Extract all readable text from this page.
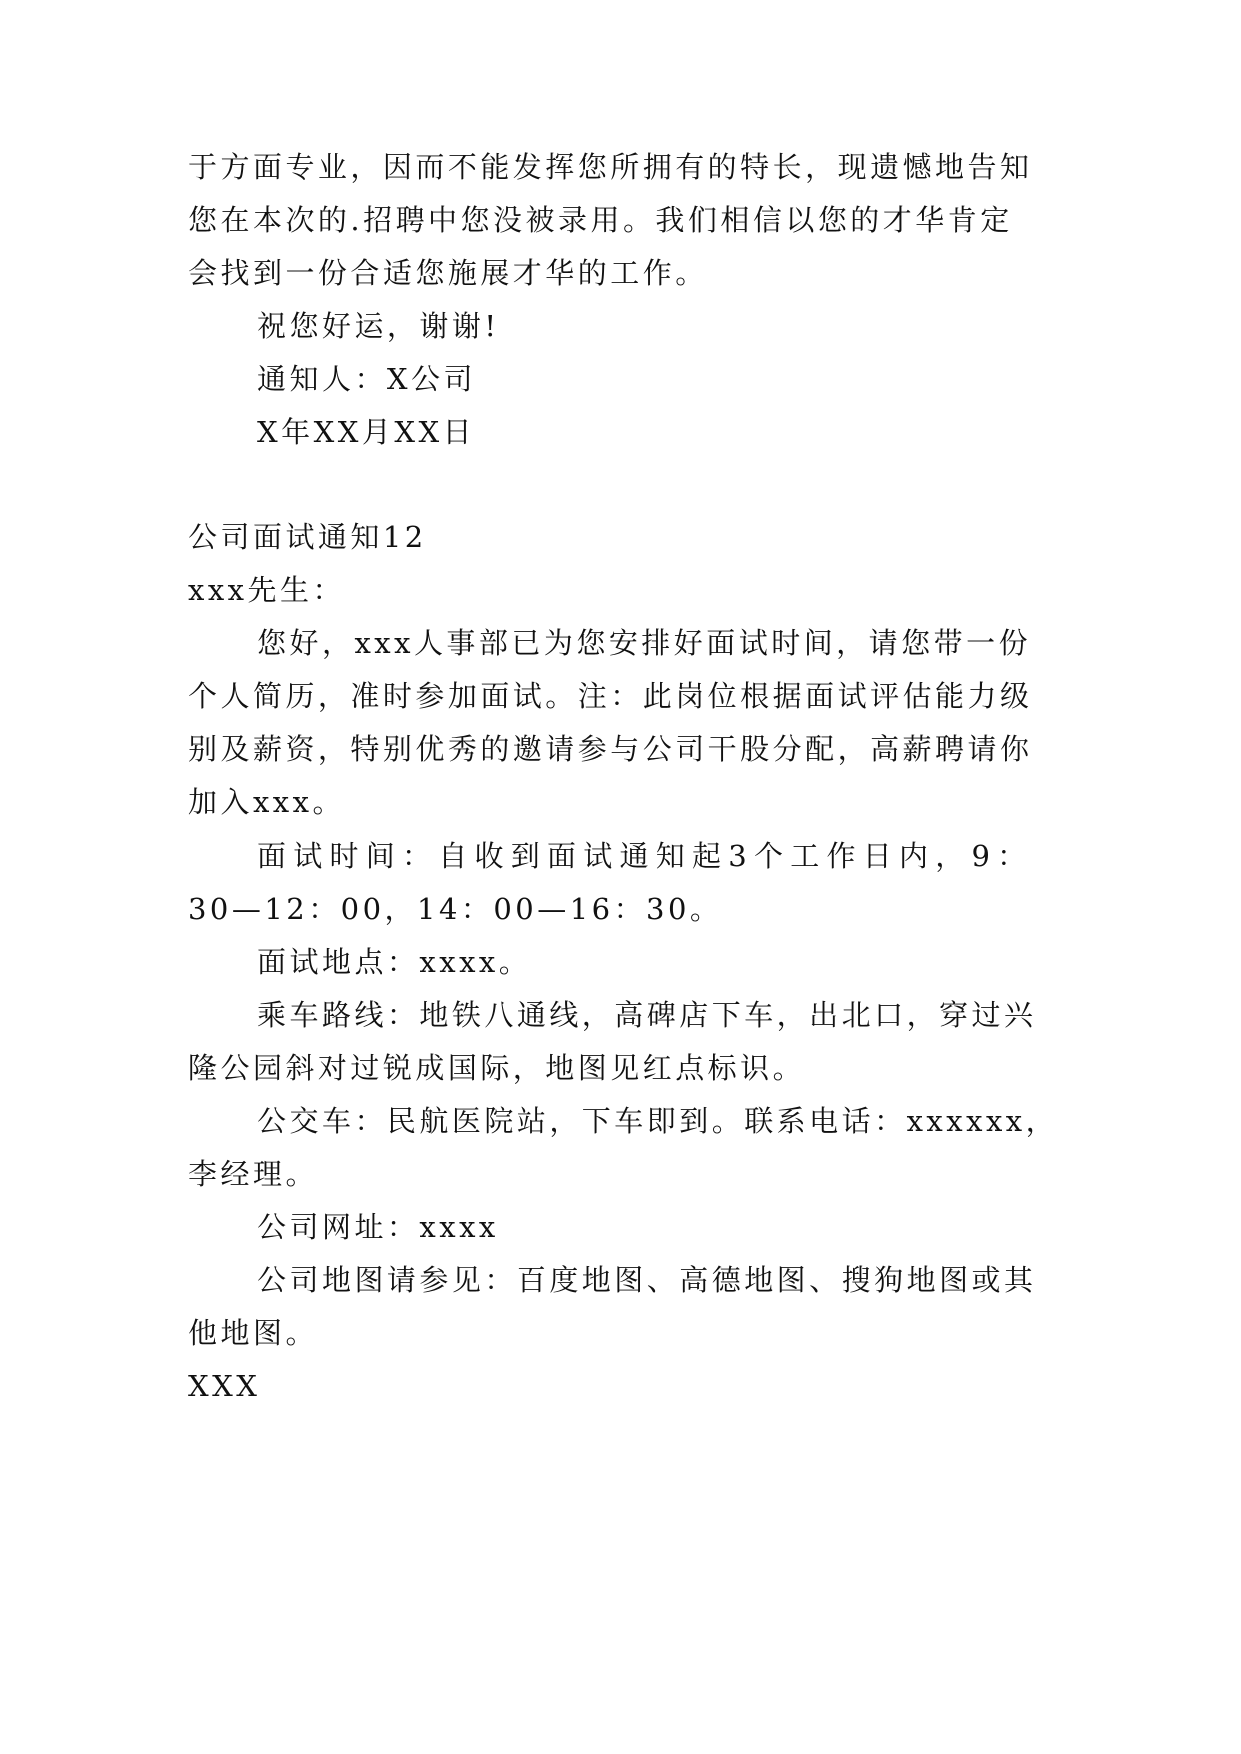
于方面专业，因而不能发挥您所拥有的特长，现遗憾地告知
您在本次的.招聘中您没被录用。我们相信以您的才华肯定
会找到一份合适您施展才华的工作。
祝您好运，谢谢!
通知人：X公司
X年XX月XX日
公司面试通知12
xxx先生：
您好，xxx人事部已为您安排好面试时间，请您带一份
个人简历，准时参加面试。注：此岗位根据面试评估能力级
别及薪资，特别优秀的邀请参与公司干股分配，高薪聘请你
加入xxx。
面试时间：自收到面试通知起3个工作日内，9：
30—12：00，14：00—16：30。
面试地点：xxxx。
乘车路线：地铁八通线，高碑店下车，出北口，穿过兴
隆公园斜对过锐成国际，地图见红点标识。
公交车：民航医院站，下车即到。联系电话：xxxxxx，
李经理。
公司网址：xxxx
公司地图请参见：百度地图、高德地图、搜狗地图或其
他地图。
XXX
